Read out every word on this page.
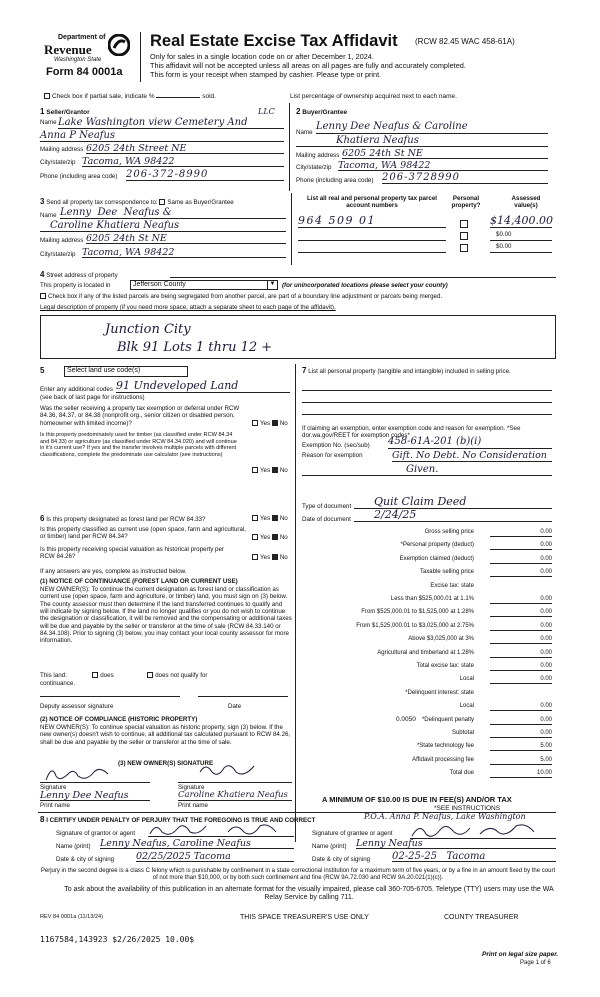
Department of
Revenue
Washington State
Form 84 0001a
Real Estate Excise Tax Affidavit (RCW 82.45 WAC 458-61A)
Only for sales in a single location code on or after December 1, 2024.
This affidavit will not be accepted unless all areas on all pages are fully and accurately completed.
This form is your receipt when stamped by cashier. Please type or print.
Check box if partial sale, indicate %	sold.	List percentage of ownership acquired next to each name.
1 Seller/Grantor
Name Lake Washington view Cemetery And
LLC
Anna P Neafus
Mailing address 6205 24th Street NE
City/state/zip Tacoma, WA 98422
Phone (including area code) 206-372-8990
2 Buyer/Grantee
Name
Lenny Dee Neafus & Caroline
Khatiera Neafus
Mailing address 6205 24th St NE
City/state/zip Tacoma, WA 98422
Phone (including area code) 206-3728990
3 Send all property tax correspondence to: Same as Buyer/Grantee
Name Lenny  Dee  Neafus &
Caroline Khatiera Neafus
Mailing address 6205 24th St NE
City/state/zip Tacoma, WA 98422
List all real and personal property tax parcel account numbers
Personal property?
Assessed value(s)
964 509 01	$14,400.00
$0.00
$0.00
4 Street address of property
This property is located in	Jefferson County	▼ (for unincorporated locations please select your county)
Check box if any of the listed parcels are being segregated from another parcel, are part of a boundary line adjustment or parcels being merged.
Legal description of property (if you need more space, attach a separate sheet to each page of the affidavit).
Junction City
Blk 91 Lots 1 thru 12 +
5	Select land use code(s)
Enter any additional codes 91 Undeveloped Land
(see back of last page for instructions)
Was the seller receiving a property tax exemption or deferral under RCW 84.36, 84.37, or 84.38 (nonprofit org., senior citizen or disabled person, homeowner with limited income)?	Yes No
Is this property predominately used for timber (as classified under RCW 84.34 and 84.33) or agriculture (as classified under RCW 84.34.020) and will continue in it's current use? If yes and the transfer involves multiple parcels with different classifications, complete the predominate use calculator (see instructions)
Yes No
6 Is this property designated as forest land per RCW 84.33?	Yes No
Is this property classified as current use (open space, farm and agricultural, or timber) land per RCW 84.34?	Yes No
Is this property receiving special valuation as historical property per RCW 84.26?	Yes No
If any answers are yes, complete as instructed below.
(1) NOTICE OF CONTINUANCE (FOREST LAND OR CURRENT USE)
NEW OWNER(S): To continue the current designation as forest land or classification as current use (open space, farm and agriculture, or timber) land, you must sign on (3) below. The county assessor must then determine if the land transferred continues to qualify and will indicate by signing below. If the land no longer qualifies or you do not wish to continue the designation or classification, it will be removed and the compensating or additional taxes will be due and payable by the seller or transferor at the time of sale (RCW 84.33.140 or 84.34.108). Prior to signing (3) below, you may contact your local county assessor for more information.
This land:	does	does not qualify for
continuance.
Deputy assessor signature	Date
(2) NOTICE OF COMPLIANCE (HISTORIC PROPERTY)
NEW OWNER(S): To continue special valuation as historic property, sign (3) below. If the new owner(s) doesn't wish to continue, all additional tax calculated pursuant to RCW 84.26, shall be due and payable by the seller or transferor at the time of sale.
(3) NEW OWNER(S) SIGNATURE
Signature	Signature
Lenny Dee Neafus	Caroline Khatiera Neafus
Print name	Print name
7 List all personal property (tangible and intangible) included in selling price.
If claiming an exemption, enter exemption code and reason for exemption. *See dor.wa.gov/REET for exemption codes*
Exemption No. (sec/sub) 458-61A-201 (b)(i)
Reason for exemption	Gift. No Debt. No Consideration
Given.
Type of document	Quit Claim Deed
Date of document	2/24/25
Gross selling price	0.00
*Personal property (deduct)	0.00
Exemption claimed (deduct)	0.00
Taxable selling price	0.00
Excise tax: state
Less than $525,000.01 at 1.1%	0.00
From $525,000.01 to $1,525,000 at 1.28%	0.00
From $1,525,000.01 to $3,025,000 at 2.75%	0.00
Above $3,025,000 at 3%	0.00
Agricultural and timberland at 1.28%	0.00
Total excise tax: state	0.00
Local	0.00
*Delinquent interest: state
Local	0.00
*Delinquent penalty	0.00
Subtotal	0.00
*State technology fee	5.00
Affidavit processing fee	5.00
Total due	10.00
0.0050
A MINIMUM OF $10.00 IS DUE IN FEE(S) AND/OR TAX
*SEE INSTRUCTIONS
8 I CERTIFY UNDER PENALTY OF PERJURY THAT THE FOREGOING IS TRUE AND CORRECT	P.O.A. Anna P. Neafus, Lake Washington
Signature of grantor or agent	Signature of grantee or agent
Name (print) Lenny Neafus, Caroline Neafus	Name (print) Lenny Neafus
Date & city of signing 02/25/2025 Tacoma	Date & city of signing 02-25-25   Tacoma
Perjury in the second degree is a class C felony which is punishable by confinement in a state correctional institution for a maximum term of five years, or by a fine in an amount fixed by the court of not more than $10,000, or by both such confinement and fine (RCW 9A.72.030 and RCW 9A.20.021(1)(c)).
To ask about the availability of this publication in an alternate format for the visually impaired, please call 360-705-6705. Teletype (TTY) users may use the WA Relay Service by calling 711.
REV 84 0001a (11/13/24)	THIS SPACE TREASURER'S USE ONLY	COUNTY TREASURER
1167584,143923 $2/26/2025 10.00$
Print on legal size paper.
Page 1 of 6
